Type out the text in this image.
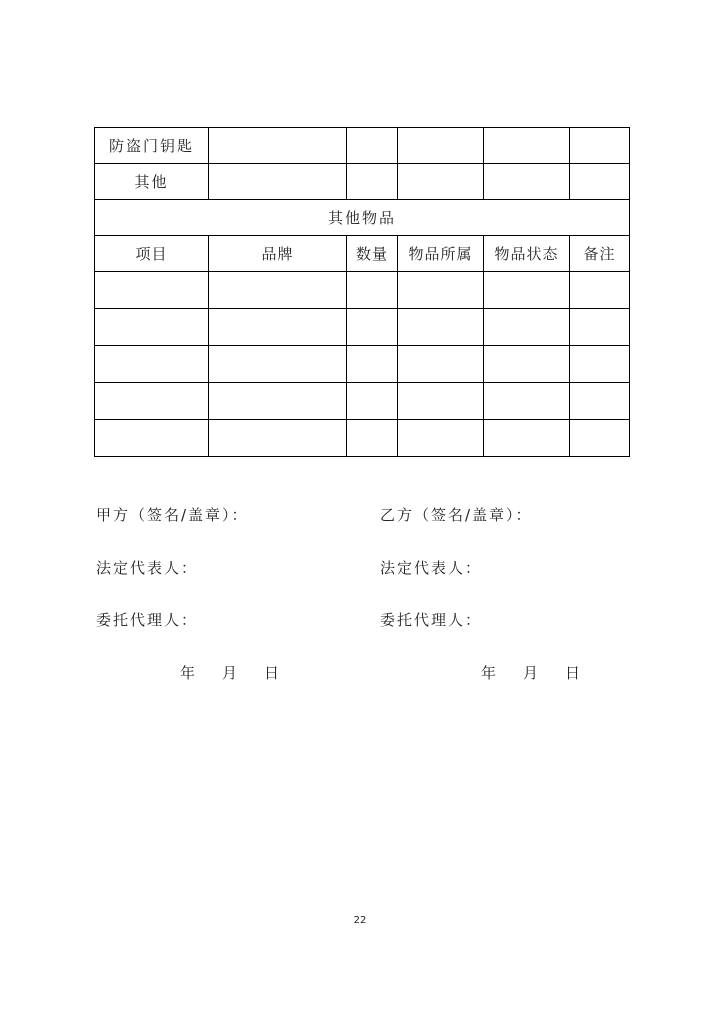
防盗门钥匙					
其他					
其他物品					
项目	品牌	数量	物品所属	物品状态	备注

甲方（签名/盖章）：	乙方（签名/盖章）：
法定代表人：	法定代表人：
委托代理人：	委托代理人：
年 月 日	年 月 日
22
